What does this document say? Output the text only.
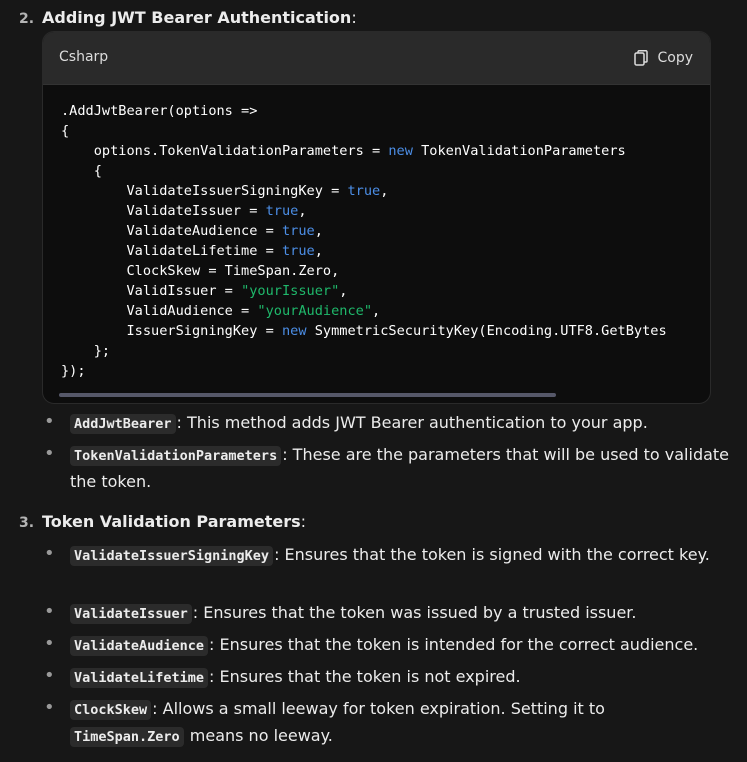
2. Adding JWT Bearer Authentication:
Csharp	Copy
.AddJwtBearer(options =>
{
options.TokenValidationParameters = new TokenValidationParameters
{
ValidateIssuerSigningKey = true,
ValidateIssuer = true,
ValidateAudience = true,
ValidateLifetime = true,
ClockSkew = TimeSpan.Zero,
ValidIssuer = "yourIssuer",
ValidAudience = "yourAudience",
IssuerSigningKey = new SymmetricSecurityKey(Encoding.UTF8.GetBytes
};
});
• AddJwtBearer : This method adds JWT Bearer authentication to your app.
• TokenValidationParameters : These are the parameters that will be used to validate the token.
3. Token Validation Parameters:
• ValidateIssuerSigningKey : Ensures that the token is signed with the correct key.
• ValidateIssuer : Ensures that the token was issued by a trusted issuer.
• ValidateAudience : Ensures that the token is intended for the correct audience.
• ValidateLifetime : Ensures that the token is not expired.
• ClockSkew : Allows a small leeway for token expiration. Setting it to
TimeSpan.Zero means no leeway.
